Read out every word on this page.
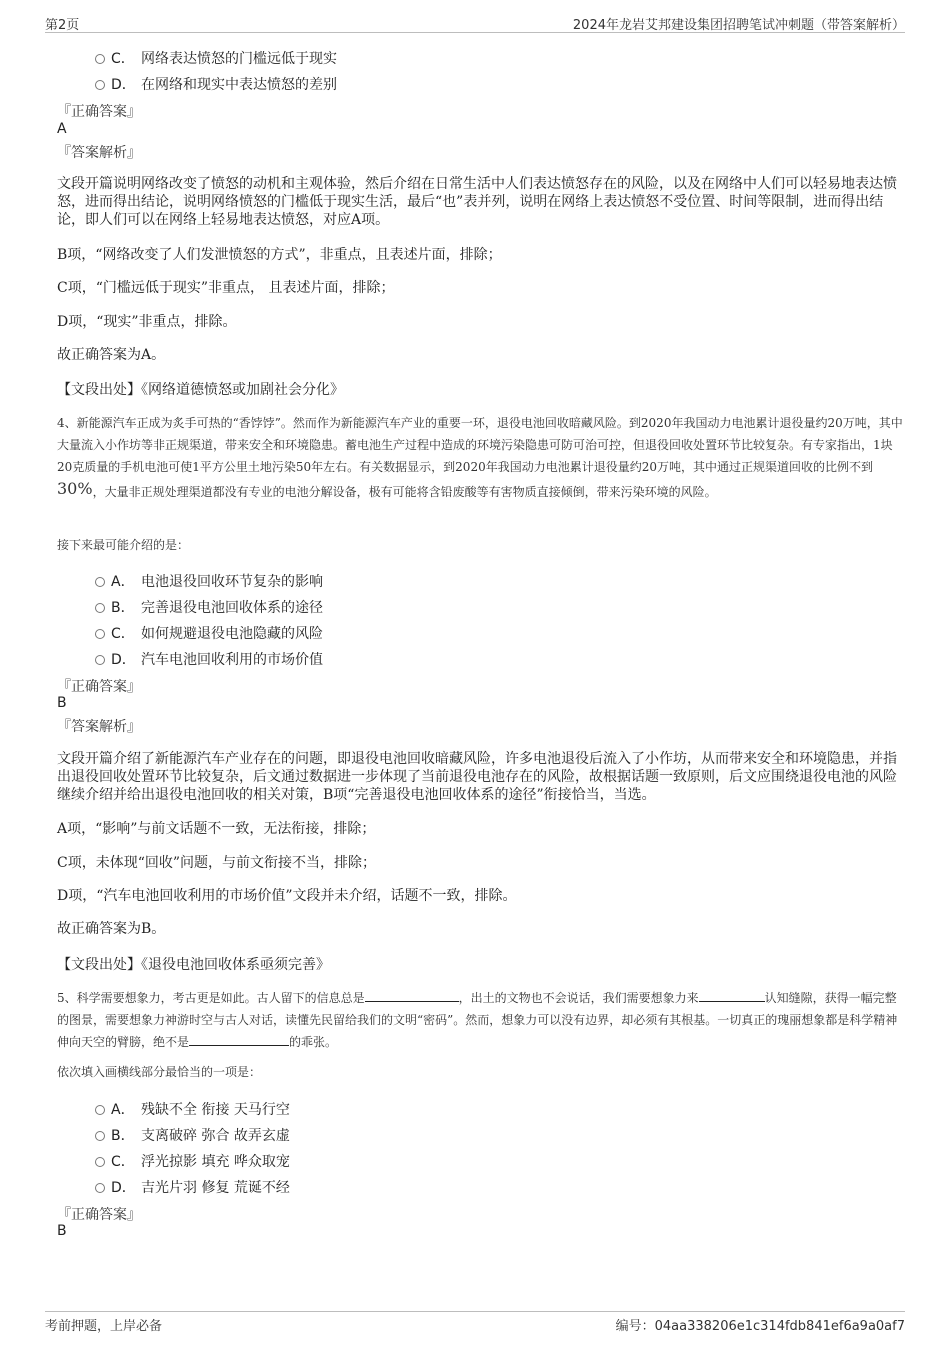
第2页	2024年龙岩艾邦建设集团招聘笔试冲刺题（带答案解析）
C． 网络表达愤怒的门槛远低于现实
D． 在网络和现实中表达愤怒的差别
『正确答案』
A
『答案解析』
文段开篇说明网络改变了愤怒的动机和主观体验，然后介绍在日常生活中人们表达愤怒存在的风险，以及在网络中人们可以轻易地表达愤怒，进而得出结论，说明网络愤怒的门槛低于现实生活，最后“也”表并列，说明在网络上表达愤怒不受位置、时间等限制，进而得出结论，即人们可以在网络上轻易地表达愤怒，对应A项。
B项，“网络改变了人们发泄愤怒的方式”，非重点，且表述片面，排除；
C项，“门槛远低于现实”非重点， 且表述片面，排除；
D项，“现实”非重点，排除。
故正确答案为A。
【文段出处】《网络道德愤怒或加剧社会分化》
4、新能源汽车正成为炙手可热的“香饽饽”。然而作为新能源汽车产业的重要一环，退役电池回收暗藏风险。到2020年我国动力电池累计退役量约20万吨，其中大量流入小作坊等非正规渠道，带来安全和环境隐患。蓄电池生产过程中造成的环境污染隐患可防可治可控，但退役回收处置环节比较复杂。有专家指出，1块20克质量的手机电池可使1平方公里土地污染50年左右。有关数据显示，到2020年我国动力电池累计退役量约20万吨，其中通过正规渠道回收的比例不到30%，大量非正规处理渠道都没有专业的电池分解设备，极有可能将含铅废酸等有害物质直接倾倒，带来污染环境的风险。
接下来最可能介绍的是：
A． 电池退役回收环节复杂的影响
B． 完善退役电池回收体系的途径
C． 如何规避退役电池隐藏的风险
D． 汽车电池回收利用的市场价值
『正确答案』
B
『答案解析』
文段开篇介绍了新能源汽车产业存在的问题，即退役电池回收暗藏风险，许多电池退役后流入了小作坊，从而带来安全和环境隐患，并指出退役回收处置环节比较复杂，后文通过数据进一步体现了当前退役电池存在的风险，故根据话题一致原则，后文应围绕退役电池的风险继续介绍并给出退役电池回收的相关对策，B项“完善退役电池回收体系的途径”衔接恰当，当选。
A项，“影响”与前文话题不一致，无法衔接，排除；
C项，未体现“回收”问题，与前文衔接不当，排除；
D项，“汽车电池回收利用的市场价值”文段并未介绍，话题不一致，排除。
故正确答案为B。
【文段出处】《退役电池回收体系亟须完善》
5、科学需要想象力，考古更是如此。古人留下的信息总是	，出土的文物也不会说话，我们需要想象力来	认知缝隙，获得一幅完整的图景，需要想象力神游时空与古人对话，读懂先民留给我们的文明“密码”。然而，想象力可以没有边界，却必须有其根基。一切真正的瑰丽想象都是科学精神伸向天空的臂膀，绝不是	的乖张。
依次填入画横线部分最恰当的一项是：
A． 残缺不全 衔接 天马行空
B． 支离破碎 弥合 故弄玄虚
C． 浮光掠影 填充 哗众取宠
D． 吉光片羽 修复 荒诞不经
『正确答案』
B
考前押题，上岸必备	编号：04aa338206e1c314fdb841ef6a9a0af7
